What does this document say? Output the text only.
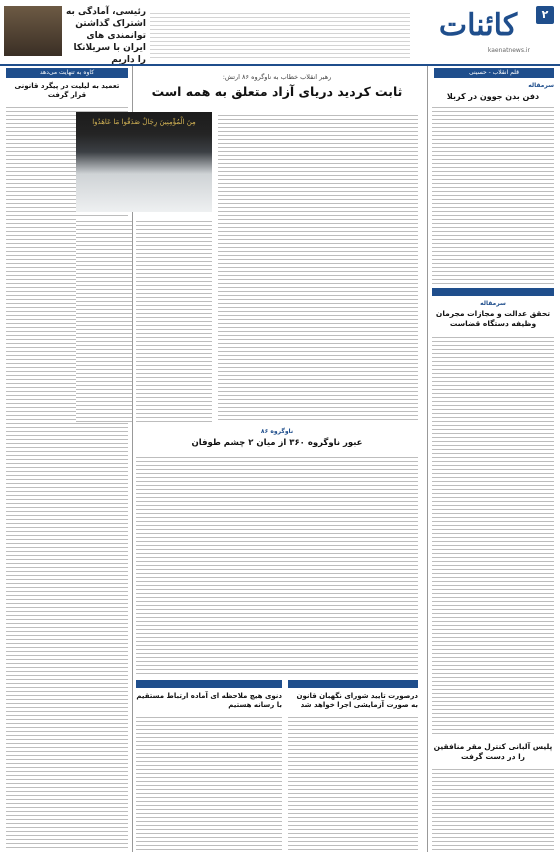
۲
کائنات
kaenatnews.ir
رئیسی، آمادگی به اشتراک گذاشتن توانمندی های ایران با سریلانکا را داریم
قلم انقلاب - حسینی
سرمقاله
دفن بدن جوون در کربلا
سرمقاله
تحقق عدالت و مجازات مجرمان وظیفه دستگاه قضاست
پلیس آلبانی کنترل مقر منافقین را در دست گرفت
کاوه به تنهایت می‌دهد
تعمید به لیلیت در پیگرد قانونی قرار گرفت
رهبر انقلاب خطاب به ناوگروه ۸۶ ارتش:
ثابت کردید دریای آزاد متعلق به همه است
مِنَ الْمُؤْمِنِینَ رِجَالٌ صَدَقُوا مَا عَاهَدُوا
ناوگروه ۸۶
عبور ناوگروه ۳۶۰ از میان ۲ چشم طوفان
درصورت تایید شورای نگهبان قانون به صورت آزمایشی اجرا خواهد شد
دنوی هیچ ملاحظه ای آماده ارتباط مستقیم با رسانه هستیم
